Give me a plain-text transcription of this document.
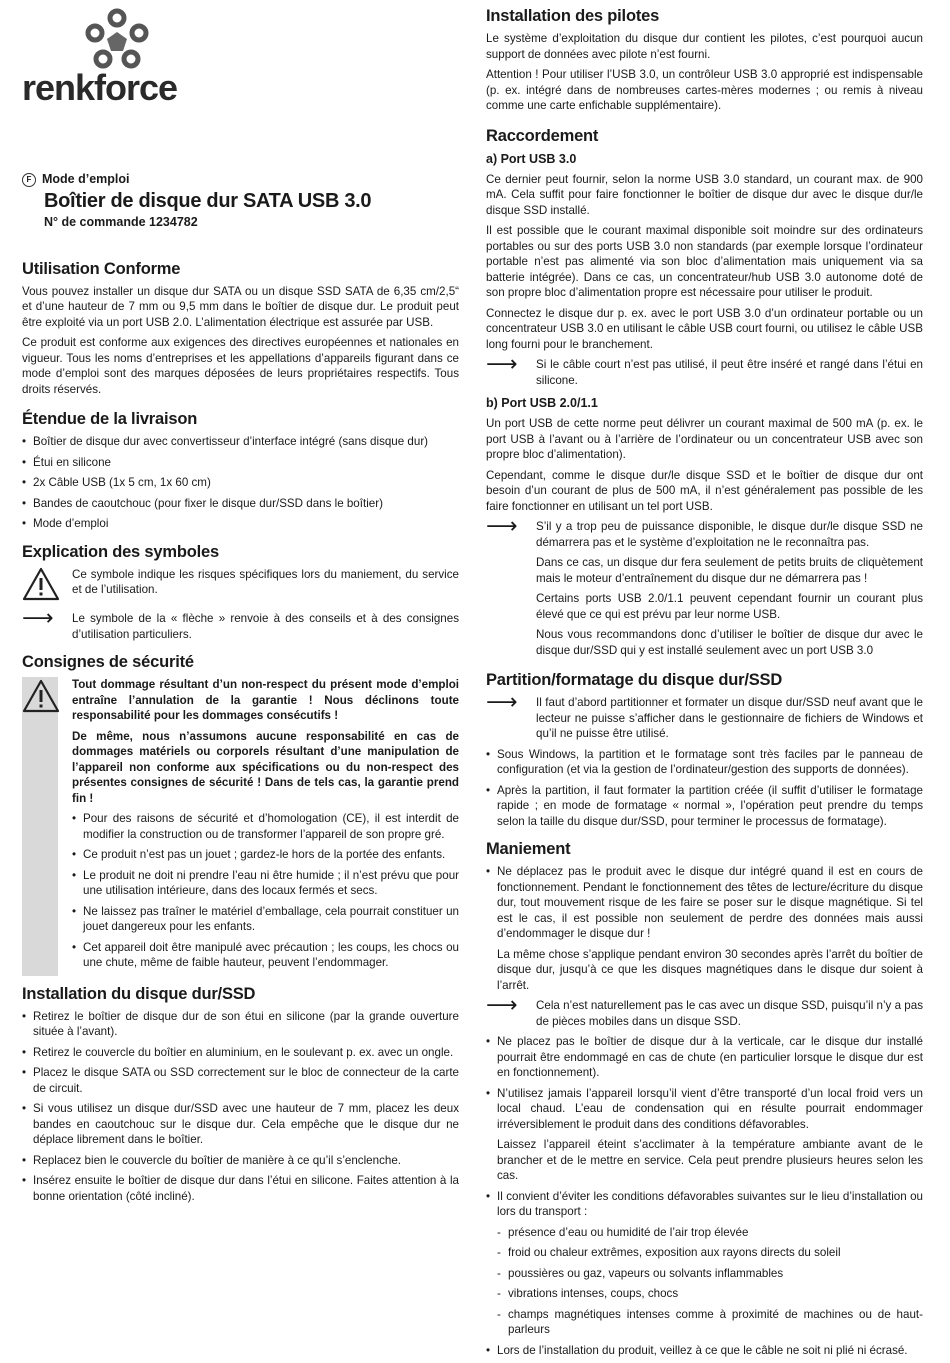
renkforce
F Mode d’emploi
Boîtier de disque dur SATA USB 3.0
N° de commande 1234782
Utilisation Conforme

Vous pouvez installer un disque dur SATA ou un disque SSD SATA de 6,35 cm/2,5“ et d’une hauteur de 7 mm ou 9,5 mm dans le boîtier de disque dur. Le produit peut être exploité via un port USB 2.0. L’alimentation électrique est assurée par USB.

Ce produit est conforme aux exigences des directives européennes et nationales en vigueur. Tous les noms d’entreprises et les appellations d’appareils figurant dans ce mode d’emploi sont des marques déposées de leurs propriétaires respectifs. Tous droits réservés.

Étendue de la livraison
• Boîtier de disque dur avec convertisseur d’interface intégré (sans disque dur)
• Étui en silicone
• 2x Câble USB (1x 5 cm, 1x 60 cm)
• Bandes de caoutchouc (pour fixer le disque dur/SSD dans le boîtier)
• Mode d’emploi
Explication des symboles
Ce symbole indique les risques spécifiques lors du maniement, du service et de l’utilisation.
⟶	Le symbole de la « flèche » renvoie à des conseils et à des consignes d’utilisation particuliers.
Consignes de sécurité

Tout dommage résultant d’un non-respect du présent mode d’emploi entraîne l’annulation de la garantie ! Nous déclinons toute responsabilité pour les dommages consécutifs !

De même, nous n’assumons aucune responsabilité en cas de dommages matériels ou corporels résultant d’une manipulation de l’appareil non conforme aux spécifications ou du non-respect des présentes consignes de sécurité ! Dans de tels cas, la garantie prend fin !

• Pour des raisons de sécurité et d’homologation (CE), il est interdit de modifier la construction ou de transformer l’appareil de son propre gré.
• Ce produit n’est pas un jouet ; gardez-le hors de la portée des enfants.
• Le produit ne doit ni prendre l’eau ni être humide ; il n’est prévu que pour une utilisation intérieure, dans des locaux fermés et secs.
• Ne laissez pas traîner le matériel d’emballage, cela pourrait constituer un jouet dangereux pour les enfants.
• Cet appareil doit être manipulé avec précaution ; les coups, les chocs ou une chute, même de faible hauteur, peuvent l’endommager.
Installation du disque dur/SSD
• Retirez le boîtier de disque dur de son étui en silicone (par la grande ouverture située à l’avant).
• Retirez le couvercle du boîtier en aluminium, en le soulevant p. ex. avec un ongle.
• Placez le disque SATA ou SSD correctement sur le bloc de connecteur de la carte de circuit.
• Si vous utilisez un disque dur/SSD avec une hauteur de 7 mm, placez les deux bandes en caoutchouc sur le disque dur. Cela empêche que le disque dur ne déplace librement dans le boîtier.
• Replacez bien le couvercle du boîtier de manière à ce qu’il s’enclenche.
• Insérez ensuite le boîtier de disque dur dans l’étui en silicone. Faites attention à la bonne orientation (côté incliné).
Installation des pilotes

Le système d’exploitation du disque dur contient les pilotes, c’est pourquoi aucun support de données avec pilote n’est fourni.

Attention ! Pour utiliser l’USB 3.0, un contrôleur USB 3.0 approprié est indispensable (p. ex. intégré dans de nombreuses cartes-mères modernes ; ou remis à niveau comme une carte enfichable supplémentaire).

Raccordement
a) Port USB 3.0

Ce dernier peut fournir, selon la norme USB 3.0 standard, un courant max. de 900 mA. Cela suffit pour faire fonctionner le boîtier de disque dur avec le disque dur/le disque SSD installé.

Il est possible que le courant maximal disponible soit moindre sur des ordinateurs portables ou sur des ports USB 3.0 non standards (par exemple lorsque l’ordinateur portable n’est pas alimenté via son bloc d’alimentation mais uniquement via sa batterie intégrée). Dans ce cas, un concentrateur/hub USB 3.0 autonome doté de son propre bloc d’alimentation propre est nécessaire pour utiliser le produit.

Connectez le disque dur p. ex. avec le port USB 3.0 d’un ordinateur portable ou un concentrateur USB 3.0 en utilisant le câble USB court fourni, ou utilisez le câble USB long fourni pour le branchement.

⟶	Si le câble court n’est pas utilisé, il peut être inséré et rangé dans l’étui en silicone.
b) Port USB 2.0/1.1

Un port USB de cette norme peut délivrer un courant maximal de 500 mA (p. ex. le port USB à l’avant ou à l’arrière de l’ordinateur ou un concentrateur USB avec son propre bloc d’alimentation).

Cependant, comme le disque dur/le disque SSD et le boîtier de disque dur ont besoin d’un courant de plus de 500 mA, il n’est généralement pas possible de les faire fonctionner en utilisant un tel port USB.

⟶	S’il y a trop peu de puissance disponible, le disque dur/le disque SSD ne démarrera pas et le système d’exploitation ne le reconnaîtra pas.

Dans ce cas, un disque dur fera seulement de petits bruits de cliquètement mais le moteur d’entraînement du disque dur ne démarrera pas !

Certains ports USB 2.0/1.1 peuvent cependant fournir un courant plus élevé que ce qui est prévu par leur norme USB.

Nous vous recommandons donc d’utiliser le boîtier de disque dur avec le disque dur/SSD qui y est installé seulement avec un port USB 3.0

Partition/formatage du disque dur/SSD
⟶	Il faut d’abord partitionner et formater un disque dur/SSD neuf avant que le lecteur ne puisse s’afficher dans le gestionnaire de fichiers de Windows et qu’il ne puisse être utilisé.
• Sous Windows, la partition et le formatage sont très faciles par le panneau de configuration (et via la gestion de l’ordinateur/gestion des supports de données).
• Après la partition, il faut formater la partition créée (il suffit d’utiliser le formatage rapide ; en mode de formatage « normal », l’opération peut prendre du temps selon la taille du disque dur/SSD, pour terminer le processus de formatage).
Maniement
• Ne déplacez pas le produit avec le disque dur intégré quand il est en cours de fonctionnement. Pendant le fonctionnement des têtes de lecture/écriture du disque dur, tout mouvement risque de les faire se poser sur le disque magnétique. Si tel est le cas, il est possible non seulement de perdre des données mais aussi d’endommager le disque dur !
La même chose s’applique pendant environ 30 secondes après l’arrêt du boîtier de disque dur, jusqu’à ce que les disques magnétiques dans le disque dur soient à l’arrêt.
⟶	Cela n’est naturellement pas le cas avec un disque SSD, puisqu’il n’y a pas de pièces mobiles dans un disque SSD.
• Ne placez pas le boîtier de disque dur à la verticale, car le disque dur installé pourrait être endommagé en cas de chute (en particulier lorsque le disque dur est en fonctionnement).
• N’utilisez jamais l’appareil lorsqu’il vient d’être transporté d’un local froid vers un local chaud. L’eau de condensation qui en résulte pourrait endommager irréversiblement le produit dans des conditions défavorables.
Laissez l’appareil éteint s’acclimater à la température ambiante avant de le brancher et de le mettre en service. Cela peut prendre plusieurs heures selon les cas.
• Il convient d’éviter les conditions défavorables suivantes sur le lieu d’installation ou lors du transport :
- présence d’eau ou humidité de l’air trop élevée
- froid ou chaleur extrêmes, exposition aux rayons directs du soleil
- poussières ou gaz, vapeurs ou solvants inflammables
- vibrations intenses, coups, chocs
- champs magnétiques intenses comme à proximité de machines ou de haut-parleurs
• Lors de l’installation du produit, veillez à ce que le câble ne soit ni plié ni écrasé.
